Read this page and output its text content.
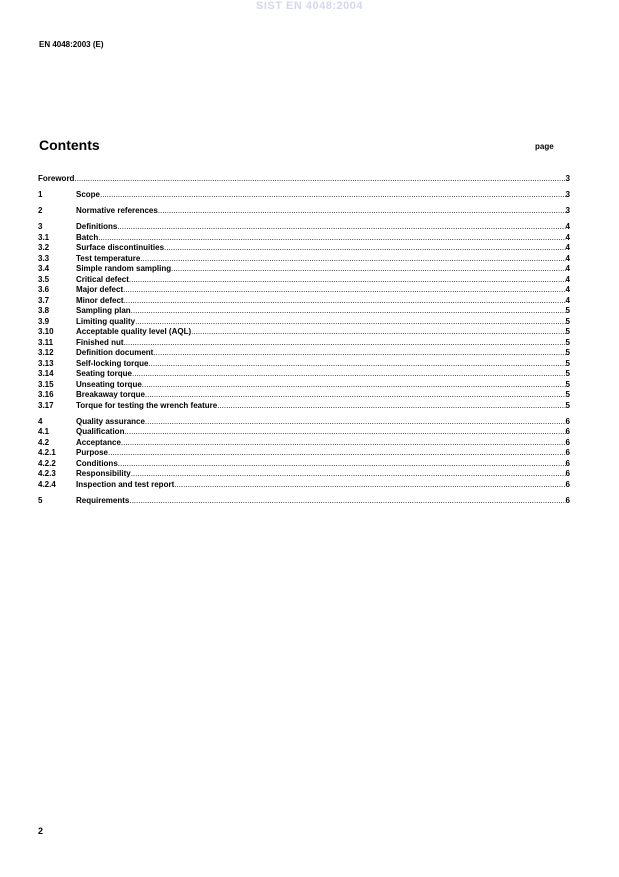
SIST EN 4048:2004
EN 4048:2003 (E)
Contents	page
Foreword .....	3
1	Scope .....	3
2	Normative references .....	3
3	Definitions .....	4
3.1	Batch .....	4
3.2	Surface discontinuities .....	4
3.3	Test temperature .....	4
3.4	Simple random sampling .....	4
3.5	Critical defect .....	4
3.6	Major defect .....	4
3.7	Minor defect .....	4
3.8	Sampling plan .....	5
3.9	Limiting quality .....	5
3.10	Acceptable quality level (AQL) .....	5
3.11	Finished nut .....	5
3.12	Definition document .....	5
3.13	Self-locking torque .....	5
3.14	Seating torque .....	5
3.15	Unseating torque .....	5
3.16	Breakaway torque .....	5
3.17	Torque for testing the wrench feature .....	5
4	Quality assurance .....	6
4.1	Qualification .....	6
4.2	Acceptance .....	6
4.2.1	Purpose .....	6
4.2.2	Conditions .....	6
4.2.3	Responsibility .....	6
4.2.4	Inspection and test report .....	6
5	Requirements .....	6
2
